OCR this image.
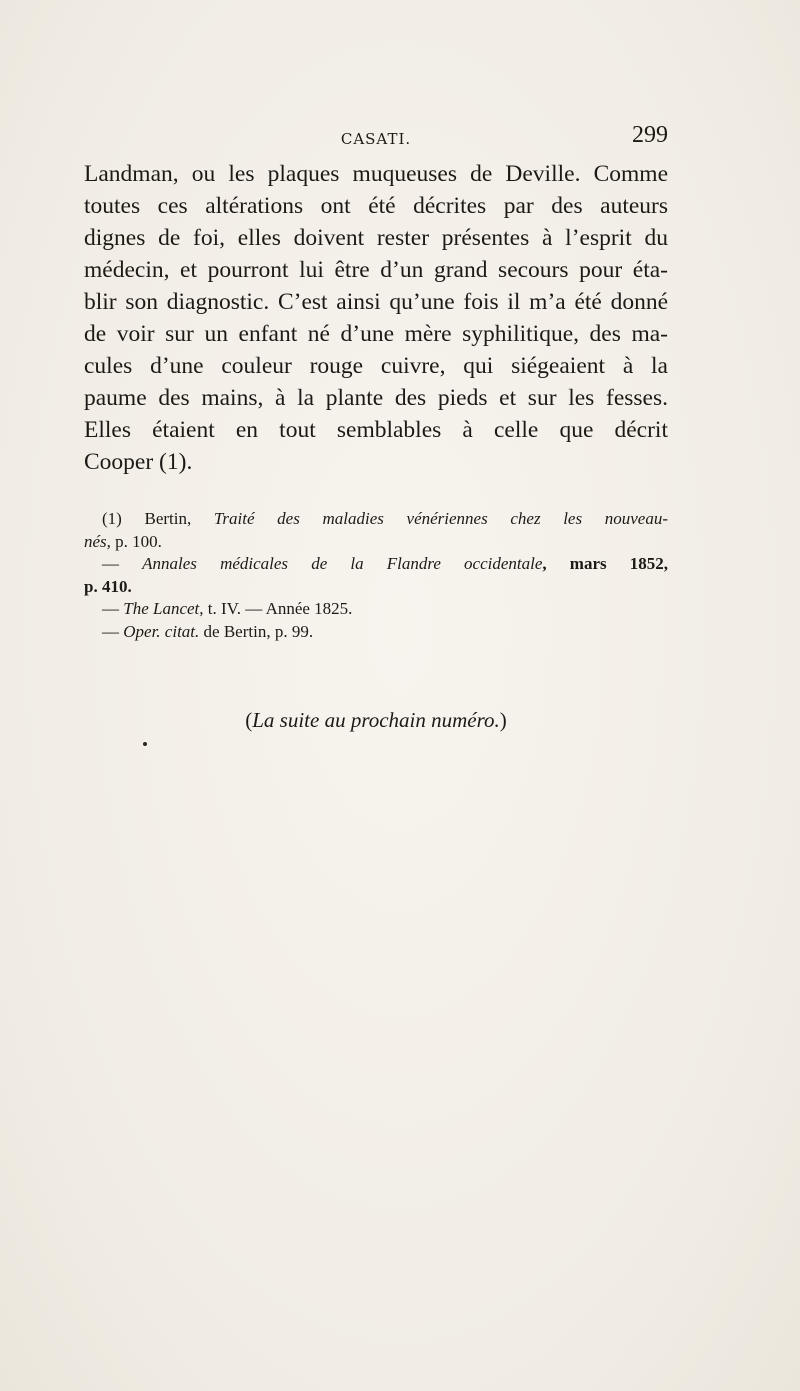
CASATI.	299
Landman, ou les plaques muqueuses de Deville. Comme
toutes ces altérations ont été décrites par des auteurs
dignes de foi, elles doivent rester présentes à l’esprit du
médecin, et pourront lui être d’un grand secours pour éta-
blir son diagnostic. C’est ainsi qu’une fois il m’a été donné
de voir sur un enfant né d’une mère syphilitique, des ma-
cules d’une couleur rouge cuivre, qui siégeaient à la
paume des mains, à la plante des pieds et sur les fesses.
Elles étaient en tout semblables à celle que décrit
Cooper (1).
(1) Bertin, Traité des maladies vénériennes chez les nouveau-
nés, p. 100.
— Annales médicales de la Flandre occidentale, mars 1852,
p. 410.
— The Lancet, t. IV. — Année 1825.
— Oper. citat. de Bertin, p. 99.
(La suite au prochain numéro.)
